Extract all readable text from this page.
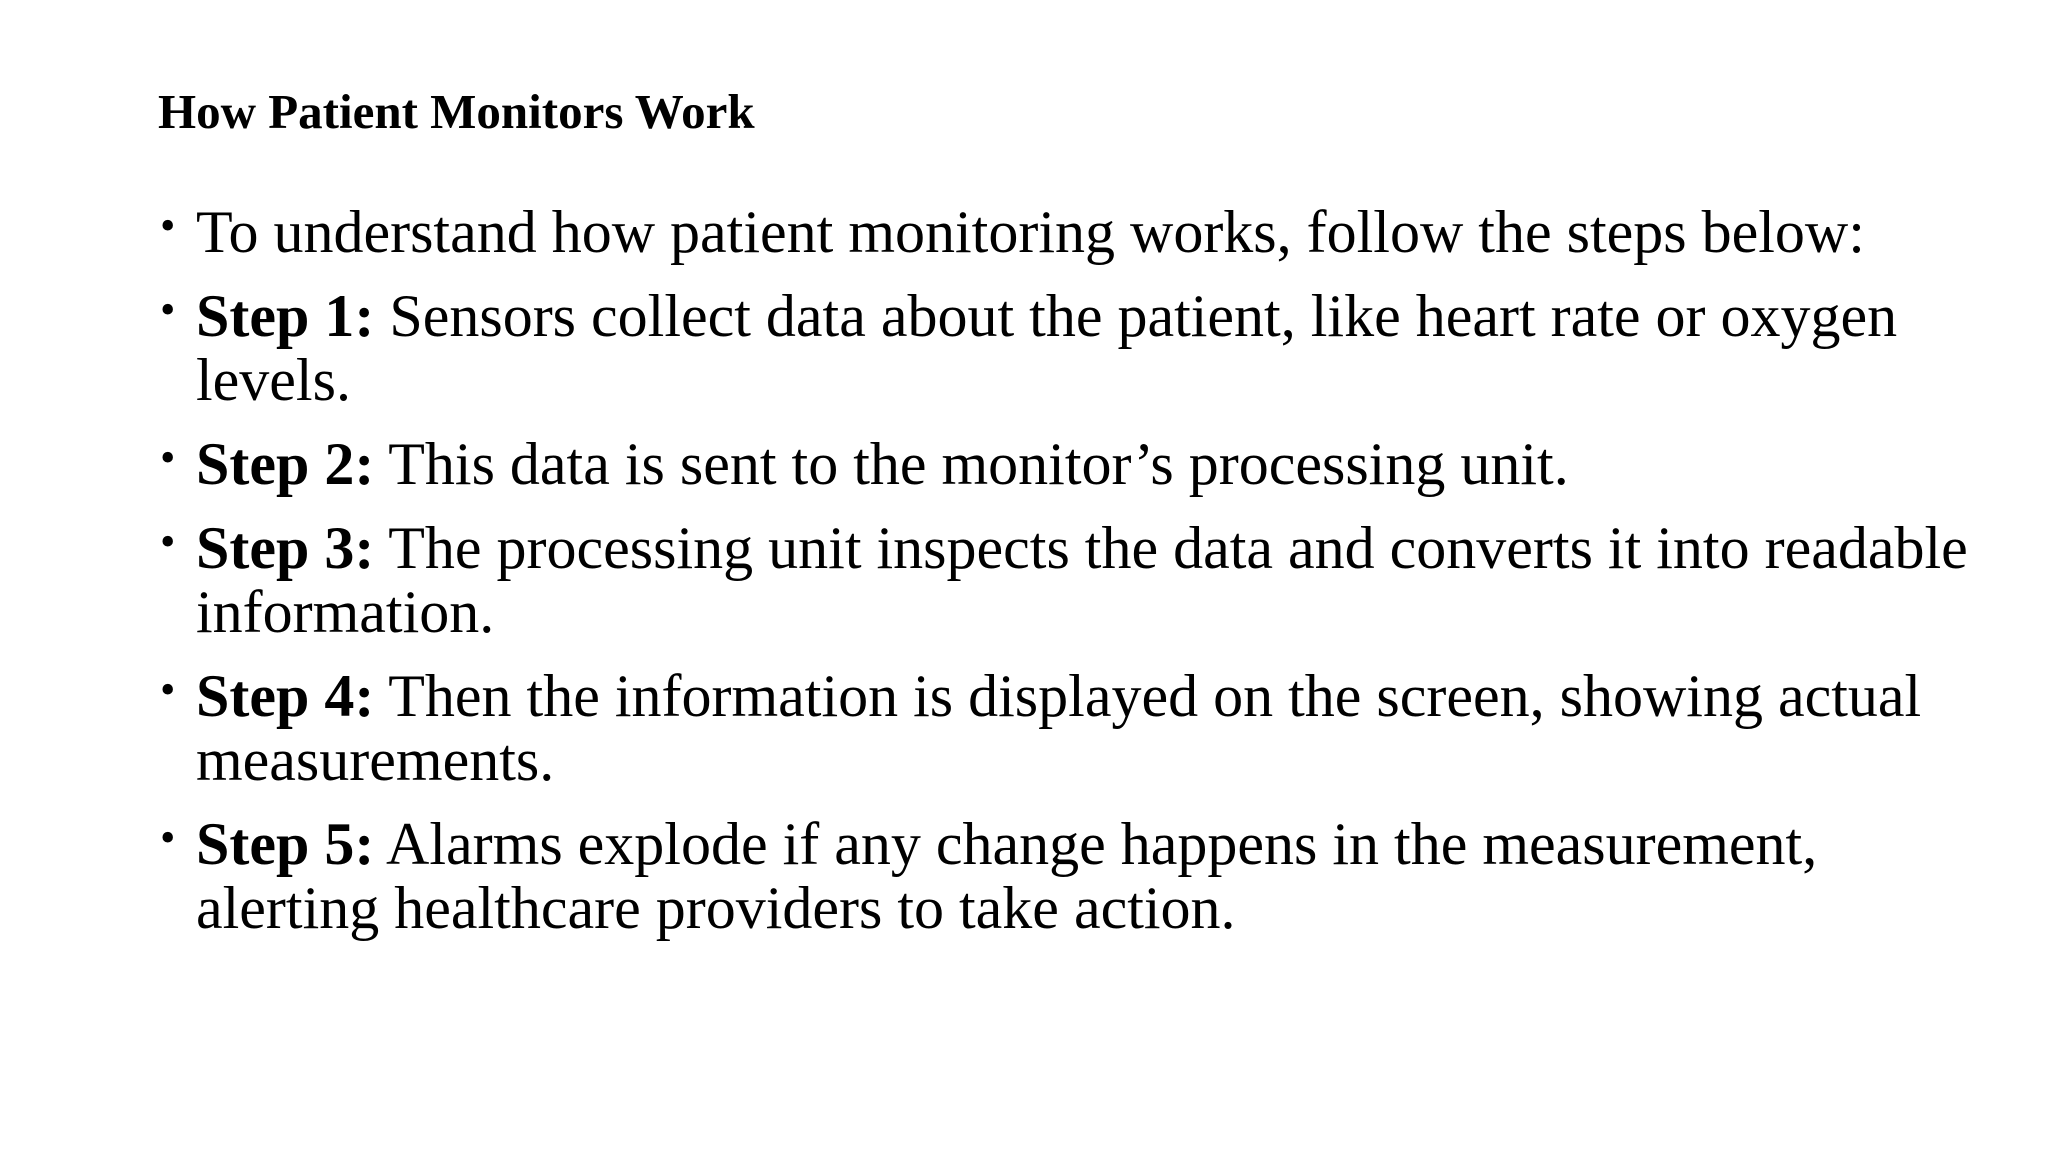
How Patient Monitors Work
• To understand how patient monitoring works, follow the steps below:
• Step 1: Sensors collect data about the patient, like heart rate or oxygen levels.
• Step 2: This data is sent to the monitor’s processing unit.
• Step 3: The processing unit inspects the data and converts it into readable information.
• Step 4: Then the information is displayed on the screen, showing actual measurements.
• Step 5: Alarms explode if any change happens in the measurement, alerting healthcare providers to take action.
